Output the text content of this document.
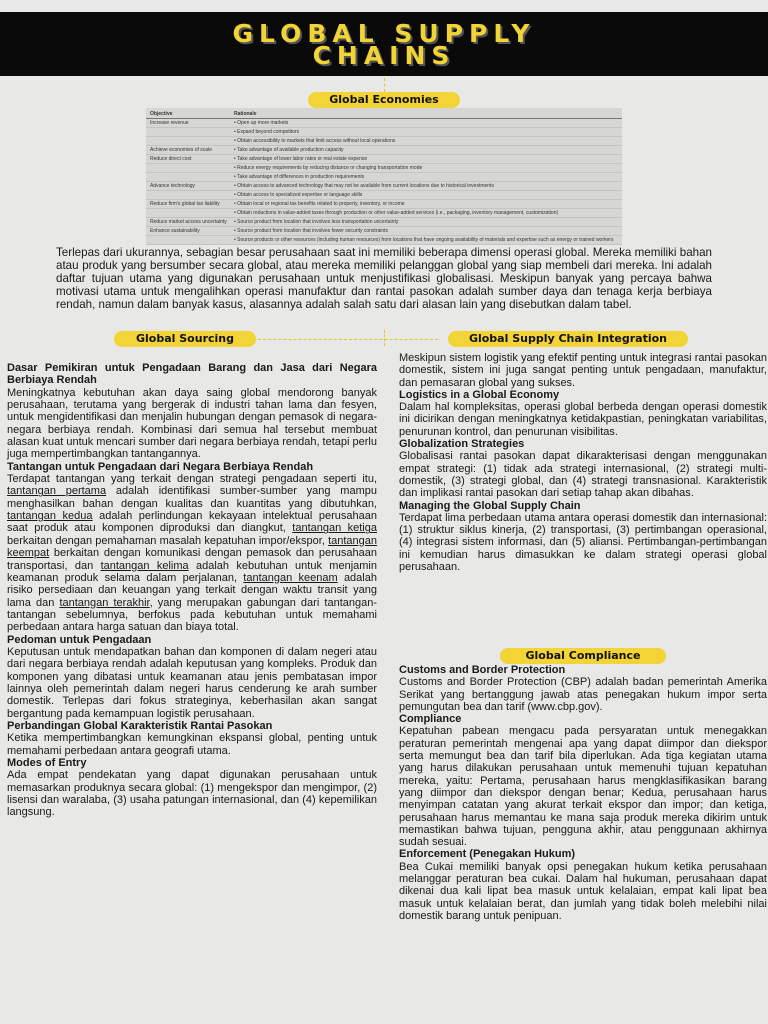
GLOBAL SUPPLY
CHAINS
Global Economies
Objective	Rationale
Increase revenue	• Open up more markets
• Expand beyond competitors
• Obtain accessibility to markets that limit access without local operations
Achieve economies of scale	• Take advantage of available production capacity
Reduce direct cost	• Take advantage of lower labor rates or real estate expense
• Reduce energy requirements by reducing distance or changing transportation mode
• Take advantage of differences in production requirements
Advance technology	• Obtain access to advanced technology that may not be available from current locations due to historical investments
• Obtain access to specialized expertise or language skills
Reduce firm's global tax liability	• Obtain local or regional tax benefits related to property, inventory, or income
• Obtain reductions in value-added taxes through production or other value-added services (i.e., packaging, inventory management, customization)
Reduce market access uncertainty	• Source product from location that involves less transportation uncertainty
Enhance sustainability	• Source product from location that involves fewer security constraints
• Source products or other resources (including human resources) from locations that have ongoing availability of materials and expertise such as energy or trained workers
Terlepas dari ukurannya, sebagian besar perusahaan saat ini memiliki beberapa dimensi operasi global. Mereka memiliki bahan atau produk yang bersumber secara global, atau mereka memiliki pelanggan global yang siap membeli dari mereka. Ini adalah daftar tujuan utama yang digunakan perusahaan untuk menjustifikasi globalisasi. Meskipun banyak yang percaya bahwa motivasi utama untuk mengalihkan operasi manufaktur dan rantai pasokan adalah sumber daya dan tenaga kerja berbiaya rendah, namun dalam banyak kasus, alasannya adalah salah satu dari alasan lain yang disebutkan dalam tabel.
Global Sourcing	Global Supply Chain Integration

Dasar Pemikiran untuk Pengadaan Barang dan Jasa dari Negara Berbiaya Rendah

Meningkatnya kebutuhan akan daya saing global mendorong banyak perusahaan, terutama yang bergerak di industri tahan lama dan fesyen, untuk mengidentifikasi dan menjalin hubungan dengan pemasok di negara-negara berbiaya rendah. Kombinasi dari semua hal tersebut membuat alasan kuat untuk mencari sumber dari negara berbiaya rendah, tetapi perlu juga mempertimbangkan tantangannya.

Tantangan untuk Pengadaan dari Negara Berbiaya Rendah

Terdapat tantangan yang terkait dengan strategi pengadaan seperti itu, tantangan pertama adalah identifikasi sumber-sumber yang mampu menghasilkan bahan dengan kualitas dan kuantitas yang dibutuhkan, tantangan kedua adalah perlindungan kekayaan intelektual perusahaan saat produk atau komponen diproduksi dan diangkut, tantangan ketiga berkaitan dengan pemahaman masalah kepatuhan impor/ekspor, tantangan keempat berkaitan dengan komunikasi dengan pemasok dan perusahaan transportasi, dan tantangan kelima adalah kebutuhan untuk menjamin keamanan produk selama dalam perjalanan, tantangan keenam adalah risiko persediaan dan keuangan yang terkait dengan waktu transit yang lama dan tantangan terakhir, yang merupakan gabungan dari tantangan-tantangan sebelumnya, berfokus pada kebutuhan untuk memahami perbedaan antara harga satuan dan biaya total.

Pedoman untuk Pengadaan

Keputusan untuk mendapatkan bahan dan komponen di dalam negeri atau dari negara berbiaya rendah adalah keputusan yang kompleks. Produk dan komponen yang dibatasi untuk keamanan atau jenis pembatasan impor lainnya oleh pemerintah dalam negeri harus cenderung ke arah sumber domestik. Terlepas dari fokus strateginya, keberhasilan akan sangat bergantung pada kemampuan logistik perusahaan.

Perbandingan Global Karakteristik Rantai Pasokan

Ketika mempertimbangkan kemungkinan ekspansi global, penting untuk memahami perbedaan antara geografi utama.

Modes of Entry

Ada empat pendekatan yang dapat digunakan perusahaan untuk memasarkan produknya secara global: (1) mengekspor dan mengimpor, (2) lisensi dan waralaba, (3) usaha patungan internasional, dan (4) kepemilikan langsung.

Meskipun sistem logistik yang efektif penting untuk integrasi rantai pasokan domestik, sistem ini juga sangat penting untuk pengadaan, manufaktur, dan pemasaran global yang sukses.

Logistics in a Global Economy

Dalam hal kompleksitas, operasi global berbeda dengan operasi domestik ini dicirikan dengan meningkatnya ketidakpastian, peningkatan variabilitas, penurunan kontrol, dan penurunan visibilitas.

Globalization Strategies

Globalisasi rantai pasokan dapat dikarakterisasi dengan menggunakan empat strategi: (1) tidak ada strategi internasional, (2) strategi multi-domestik, (3) strategi global, dan (4) strategi transnasional. Karakteristik dan implikasi rantai pasokan dari setiap tahap akan dibahas.

Managing the Global Supply Chain

Terdapat lima perbedaan utama antara operasi domestik dan internasional: (1) struktur siklus kinerja, (2) transportasi, (3) pertimbangan operasional, (4) integrasi sistem informasi, dan (5) aliansi. Pertimbangan-pertimbangan ini kemudian harus dimasukkan ke dalam strategi operasi global perusahaan.

Global Compliance

Customs and Border Protection

Customs and Border Protection (CBP) adalah badan pemerintah Amerika Serikat yang bertanggung jawab atas penegakan hukum impor serta pemungutan bea dan tarif (www.cbp.gov).

Compliance

Kepatuhan pabean mengacu pada persyaratan untuk menegakkan peraturan pemerintah mengenai apa yang dapat diimpor dan diekspor serta memungut bea dan tarif bila diperlukan. Ada tiga kegiatan utama yang harus dilakukan perusahaan untuk memenuhi tujuan kepatuhan mereka, yaitu: Pertama, perusahaan harus mengklasifikasikan barang yang diimpor dan diekspor dengan benar; Kedua, perusahaan harus menyimpan catatan yang akurat terkait ekspor dan impor; dan ketiga, perusahaan harus memantau ke mana saja produk mereka dikirim untuk memastikan bahwa tujuan, pengguna akhir, atau penggunaan akhirnya sudah sesuai.

Enforcement (Penegakan Hukum)

Bea Cukai memiliki banyak opsi penegakan hukum ketika perusahaan melanggar peraturan bea cukai. Dalam hal hukuman, perusahaan dapat dikenai dua kali lipat bea masuk untuk kelalaian, empat kali lipat bea masuk untuk kelalaian berat, dan jumlah yang tidak boleh melebihi nilai domestik barang untuk penipuan.
